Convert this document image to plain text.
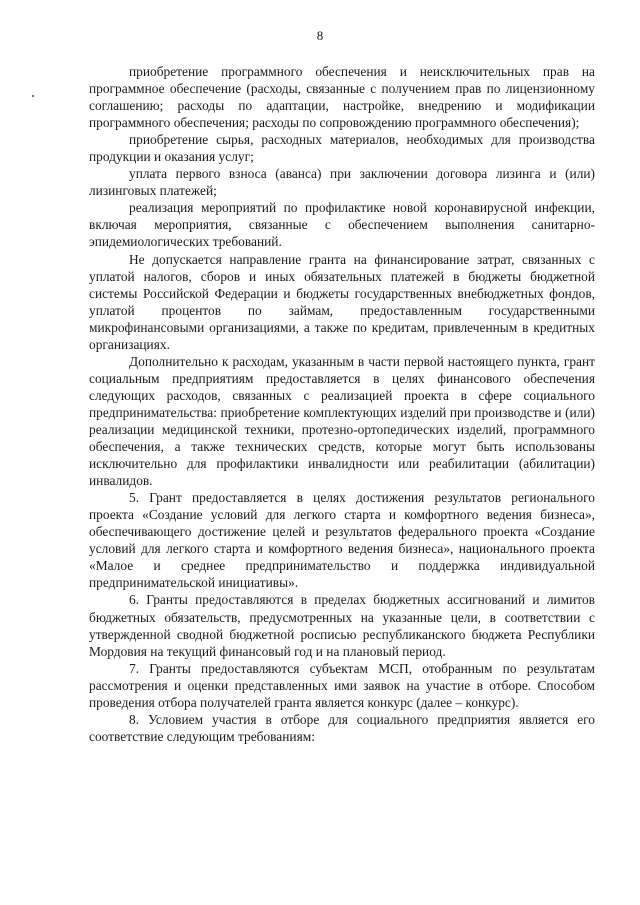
8

приобретение программного обеспечения и неисключительных прав на программное обеспечение (расходы, связанные с получением прав по лицензионному соглашению; расходы по адаптации, настройке, внедрению и модификации программного обеспечения; расходы по сопровождению программного обеспечения);

приобретение сырья, расходных материалов, необходимых для производства продукции и оказания услуг;

уплата первого взноса (аванса) при заключении договора лизинга и (или) лизинговых платежей;

реализация мероприятий по профилактике новой коронавирусной инфекции, включая мероприятия, связанные с обеспечением выполнения санитарно-эпидемиологических требований.

Не допускается направление гранта на финансирование затрат, связанных с уплатой налогов, сборов и иных обязательных платежей в бюджеты бюджетной системы Российской Федерации и бюджеты государственных внебюджетных фондов, уплатой процентов по займам, предоставленным государственными микрофинансовыми организациями, а также по кредитам, привлеченным в кредитных организациях.

Дополнительно к расходам, указанным в части первой настоящего пункта, грант социальным предприятиям предоставляется в целях финансового обеспечения следующих расходов, связанных с реализацией проекта в сфере социального предпринимательства: приобретение комплектующих изделий при производстве и (или) реализации медицинской техники, протезно-ортопедических изделий, программного обеспечения, а также технических средств, которые могут быть использованы исключительно для профилактики инвалидности или реабилитации (абилитации) инвалидов.

5. Грант предоставляется в целях достижения результатов регионального проекта «Создание условий для легкого старта и комфортного ведения бизнеса», обеспечивающего достижение целей и результатов федерального проекта «Создание условий для легкого старта и комфортного ведения бизнеса», национального проекта «Малое и среднее предпринимательство и поддержка индивидуальной предпринимательской инициативы».

6. Гранты предоставляются в пределах бюджетных ассигнований и лимитов бюджетных обязательств, предусмотренных на указанные цели, в соответствии с утвержденной сводной бюджетной росписью республиканского бюджета Республики Мордовия на текущий финансовый год и на плановый период.

7. Гранты предоставляются субъектам МСП, отобранным по результатам рассмотрения и оценки представленных ими заявок на участие в отборе. Способом проведения отбора получателей гранта является конкурс (далее – конкурс).

8. Условием участия в отборе для социального предприятия является его соответствие следующим требованиям:
